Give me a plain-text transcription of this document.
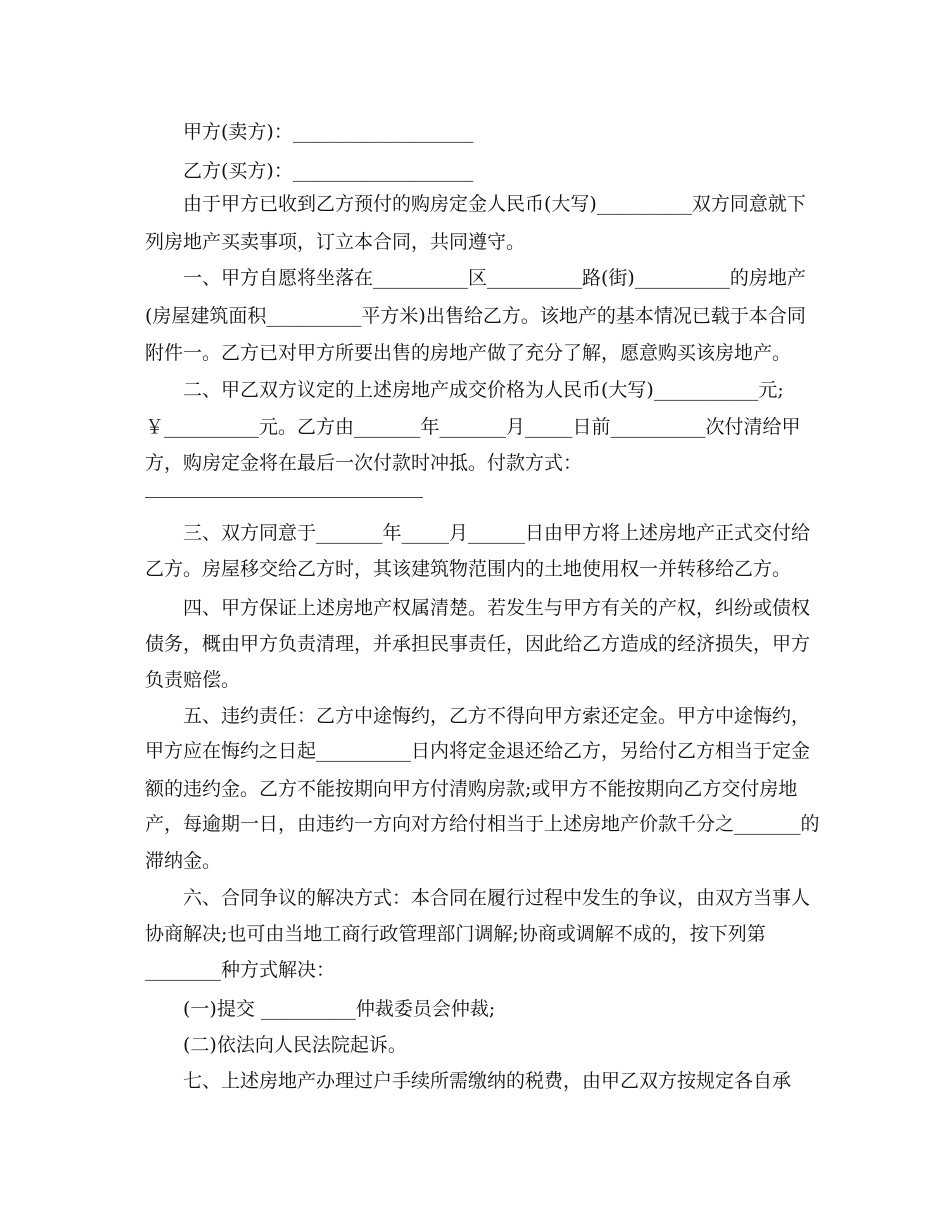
甲方(卖方)：___________________
乙方(买方)：___________________
由于甲方已收到乙方预付的购房定金人民币(大写)__________双方同意就下
列房地产买卖事项，订立本合同，共同遵守。
一、甲方自愿将坐落在__________区__________路(街)__________的房地产
(房屋建筑面积__________平方米)出售给乙方。该地产的基本情况已载于本合同
附件一。乙方已对甲方所要出售的房地产做了充分了解，愿意购买该房地产。
二、甲乙双方议定的上述房地产成交价格为人民币(大写)___________元;
￥__________元。乙方由_______年_______月_____日前__________次付清给甲
方，购房定金将在最后一次付款时冲抵。付款方式：
三、双方同意于_______年_____月______日由甲方将上述房地产正式交付给
乙方。房屋移交给乙方时，其该建筑物范围内的土地使用权一并转移给乙方。
四、甲方保证上述房地产权属清楚。若发生与甲方有关的产权，纠纷或债权
债务，概由甲方负责清理，并承担民事责任，因此给乙方造成的经济损失，甲方
负责赔偿。
五、违约责任：乙方中途悔约，乙方不得向甲方索还定金。甲方中途悔约，
甲方应在悔约之日起__________日内将定金退还给乙方，另给付乙方相当于定金
额的违约金。乙方不能按期向甲方付清购房款;或甲方不能按期向乙方交付房地
产，每逾期一日，由违约一方向对方给付相当于上述房地产价款千分之_______的
滞纳金。
六、合同争议的解决方式：本合同在履行过程中发生的争议，由双方当事人
协商解决;也可由当地工商行政管理部门调解;协商或调解不成的，按下列第
________种方式解决：
(一)提交 __________仲裁委员会仲裁;
(二)依法向人民法院起诉。
七、上述房地产办理过户手续所需缴纳的税费，由甲乙双方按规定各自承
